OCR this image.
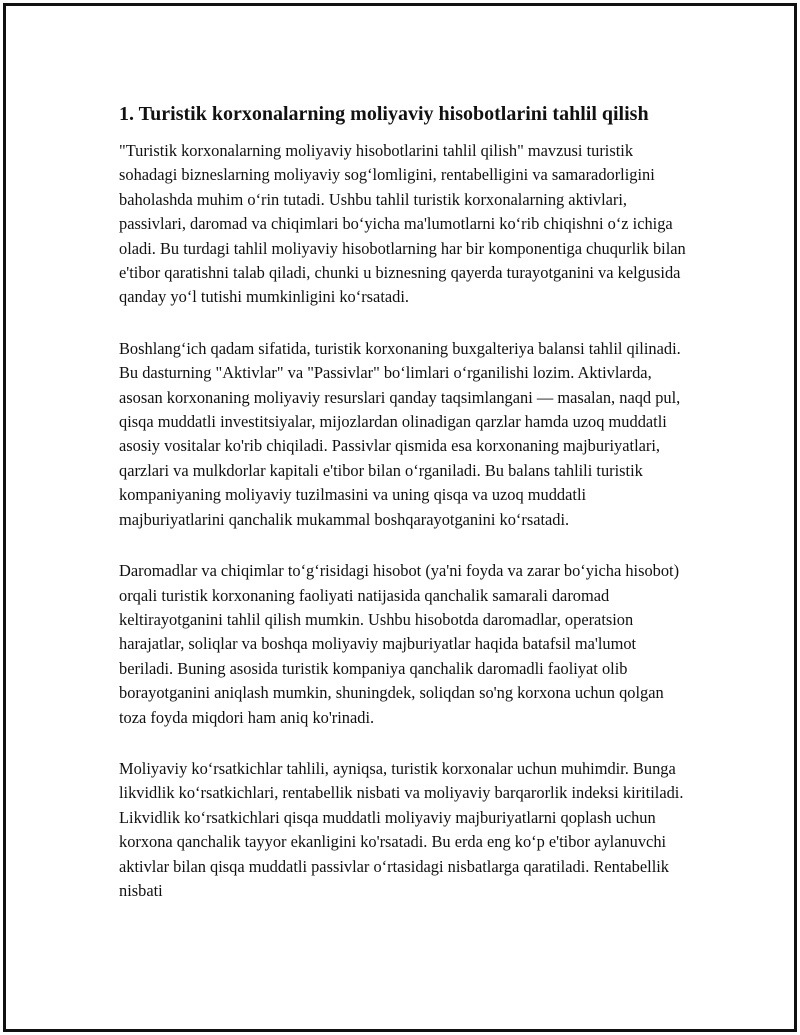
1. Turistik korxonalarning moliyaviy hisobotlarini tahlil qilish

"Turistik korxonalarning moliyaviy hisobotlarini tahlil qilish" mavzusi turistik sohadagi bizneslarning moliyaviy sog‘lomligini, rentabelligini va samaradorligini baholashda muhim o‘rin tutadi. Ushbu tahlil turistik korxonalarning aktivlari, passivlari, daromad va chiqimlari bo‘yicha ma'lumotlarni ko‘rib chiqishni o‘z ichiga oladi. Bu turdagi tahlil moliyaviy hisobotlarning har bir komponentiga chuqurlik bilan e'tibor qaratishni talab qiladi, chunki u biznesning qayerda turayotganini va kelgusida qanday yo‘l tutishi mumkinligini ko‘rsatadi.

Boshlang‘ich qadam sifatida, turistik korxonaning buxgalteriya balansi tahlil qilinadi. Bu dasturning "Aktivlar" va "Passivlar" bo‘limlari o‘rganilishi lozim. Aktivlarda, asosan korxonaning moliyaviy resurslari qanday taqsimlangani — masalan, naqd pul, qisqa muddatli investitsiyalar, mijozlardan olinadigan qarzlar hamda uzoq muddatli asosiy vositalar ko'rib chiqiladi. Passivlar qismida esa korxonaning majburiyatlari, qarzlari va mulkdorlar kapitali e'tibor bilan o‘rganiladi. Bu balans tahlili turistik kompaniyaning moliyaviy tuzilmasini va uning qisqa va uzoq muddatli majburiyatlarini qanchalik mukammal boshqarayotganini ko‘rsatadi.

Daromadlar va chiqimlar to‘g‘risidagi hisobot (ya'ni foyda va zarar bo‘yicha hisobot) orqali turistik korxonaning faoliyati natijasida qanchalik samarali daromad keltirayotganini tahlil qilish mumkin. Ushbu hisobotda daromadlar, operatsion harajatlar, soliqlar va boshqa moliyaviy majburiyatlar haqida batafsil ma'lumot beriladi. Buning asosida turistik kompaniya qanchalik daromadli faoliyat olib borayotganini aniqlash mumkin, shuningdek, soliqdan so'ng korxona uchun qolgan toza foyda miqdori ham aniq ko'rinadi.

Moliyaviy ko‘rsatkichlar tahlili, ayniqsa, turistik korxonalar uchun muhimdir. Bunga likvidlik ko‘rsatkichlari, rentabellik nisbati va moliyaviy barqarorlik indeksi kiritiladi. Likvidlik ko‘rsatkichlari qisqa muddatli moliyaviy majburiyatlarni qoplash uchun korxona qanchalik tayyor ekanligini ko'rsatadi. Bu erda eng ko‘p e'tibor aylanuvchi aktivlar bilan qisqa muddatli passivlar o‘rtasidagi nisbatlarga qaratiladi. Rentabellik nisbati
